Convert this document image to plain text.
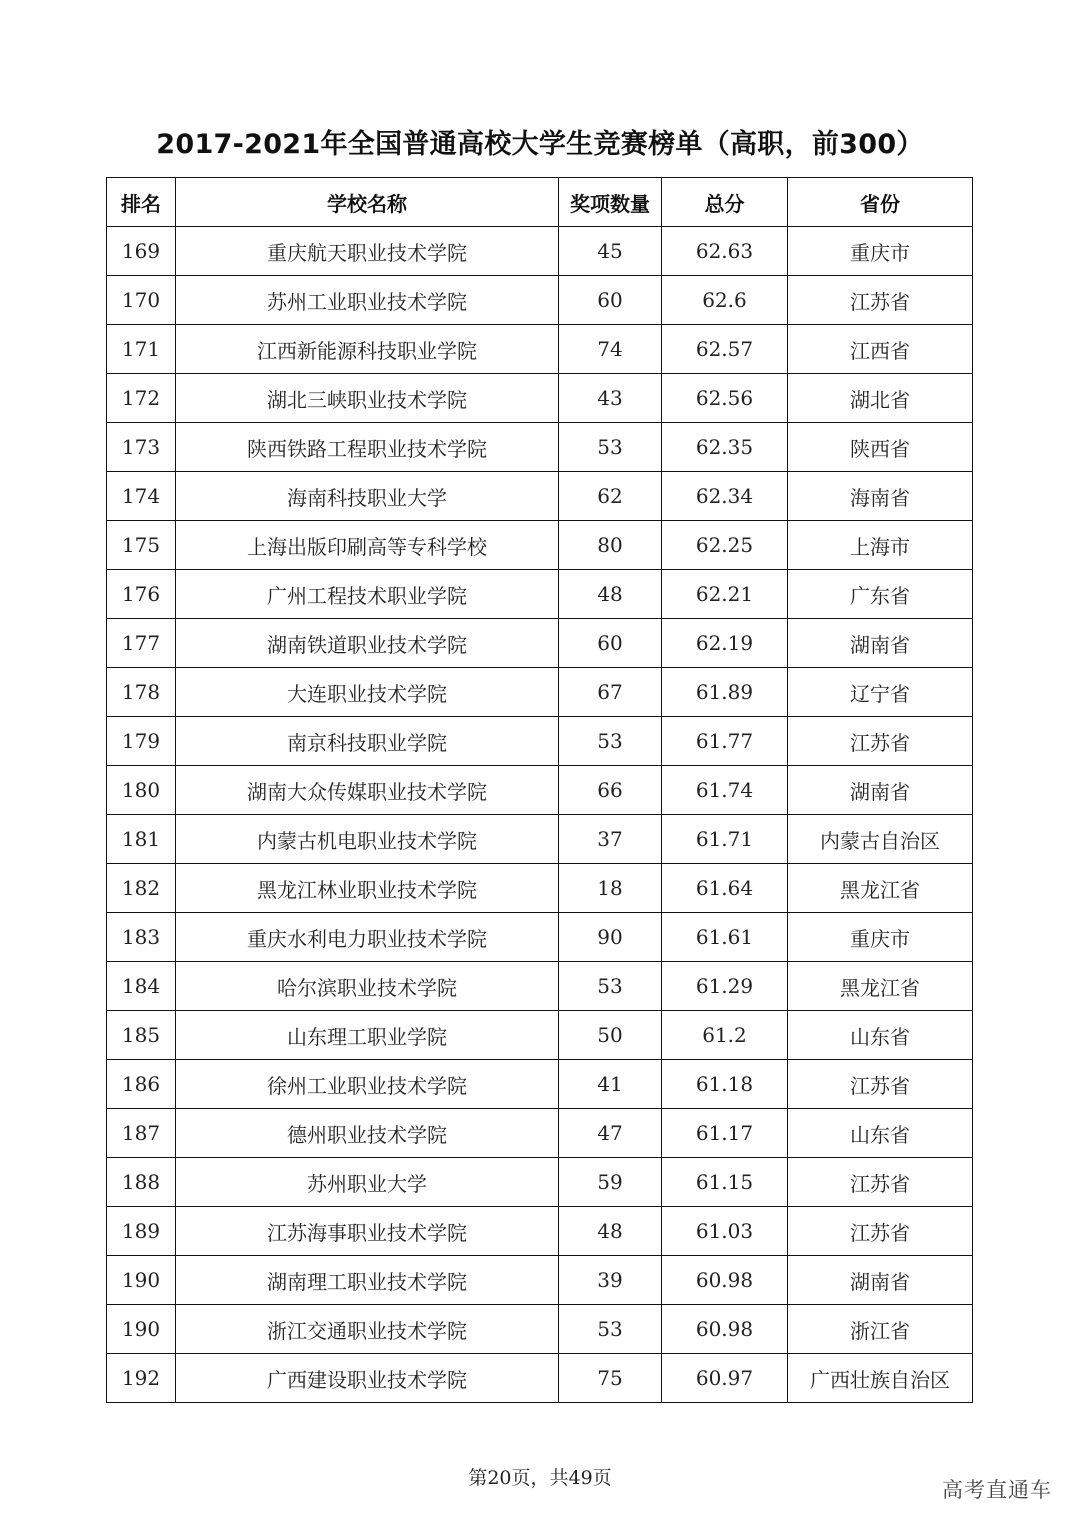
2017-2021年全国普通高校大学生竞赛榜单（高职，前300）
排名	学校名称	奖项数量	总分	省份
169	重庆航天职业技术学院	45	62.63	重庆市
170	苏州工业职业技术学院	60	62.6	江苏省
171	江西新能源科技职业学院	74	62.57	江西省
172	湖北三峡职业技术学院	43	62.56	湖北省
173	陕西铁路工程职业技术学院	53	62.35	陕西省
174	海南科技职业大学	62	62.34	海南省
175	上海出版印刷高等专科学校	80	62.25	上海市
176	广州工程技术职业学院	48	62.21	广东省
177	湖南铁道职业技术学院	60	62.19	湖南省
178	大连职业技术学院	67	61.89	辽宁省
179	南京科技职业学院	53	61.77	江苏省
180	湖南大众传媒职业技术学院	66	61.74	湖南省
181	内蒙古机电职业技术学院	37	61.71	内蒙古自治区
182	黑龙江林业职业技术学院	18	61.64	黑龙江省
183	重庆水利电力职业技术学院	90	61.61	重庆市
184	哈尔滨职业技术学院	53	61.29	黑龙江省
185	山东理工职业学院	50	61.2	山东省
186	徐州工业职业技术学院	41	61.18	江苏省
187	德州职业技术学院	47	61.17	山东省
188	苏州职业大学	59	61.15	江苏省
189	江苏海事职业技术学院	48	61.03	江苏省
190	湖南理工职业技术学院	39	60.98	湖南省
190	浙江交通职业技术学院	53	60.98	浙江省
192	广西建设职业技术学院	75	60.97	广西壮族自治区
第20页，共49页	高考直通车
